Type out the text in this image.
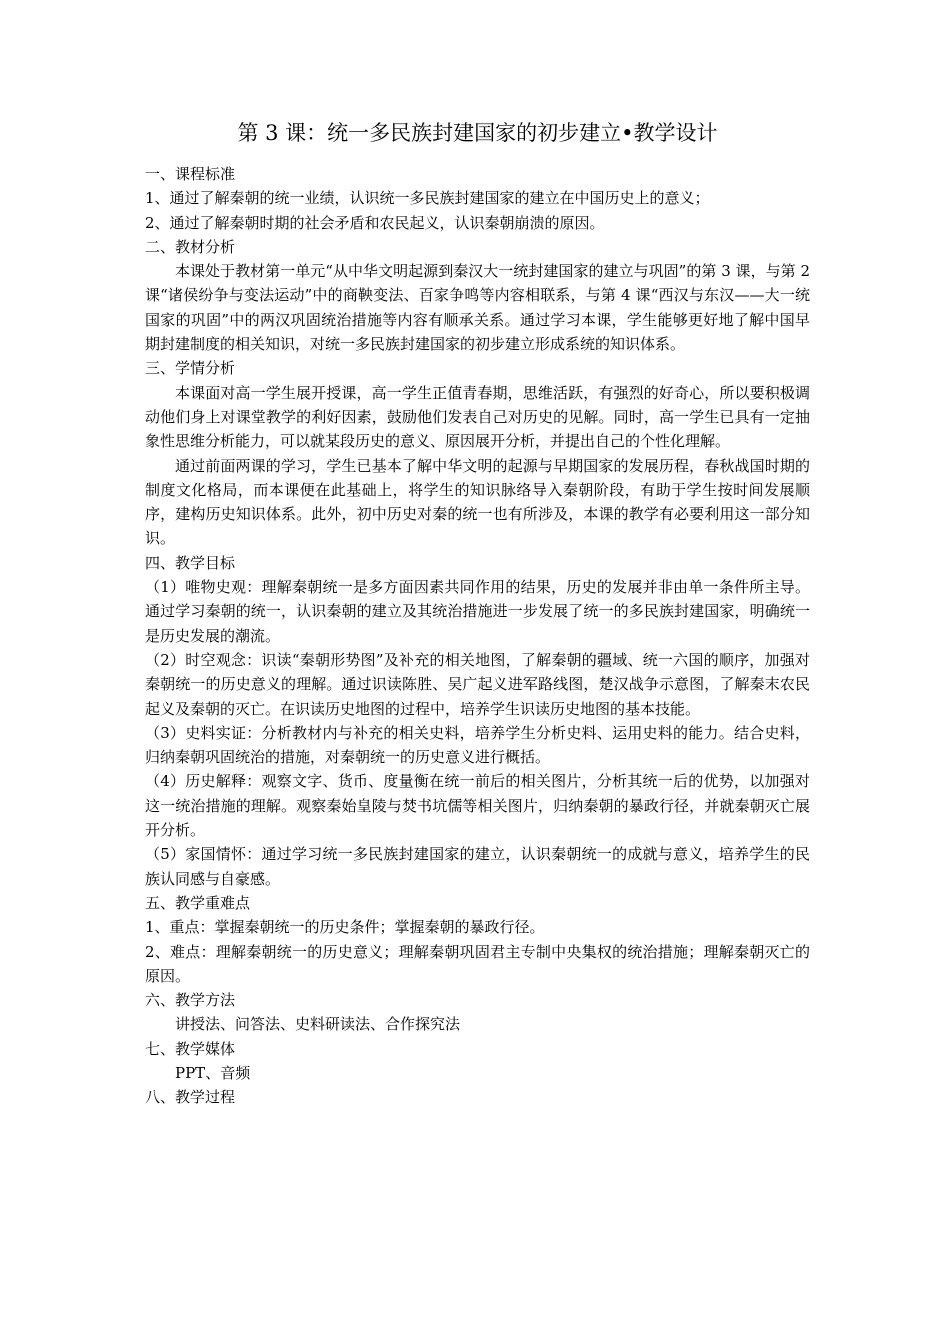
第 3 课：统一多民族封建国家的初步建立•教学设计

一、课程标准

1、通过了解秦朝的统一业绩，认识统一多民族封建国家的建立在中国历史上的意义；

2、通过了解秦朝时期的社会矛盾和农民起义，认识秦朝崩溃的原因。

二、教材分析

本课处于教材第一单元“从中华文明起源到秦汉大一统封建国家的建立与巩固”的第 3 课，与第 2 课“诸侯纷争与变法运动”中的商鞅变法、百家争鸣等内容相联系，与第 4 课“西汉与东汉——大一统国家的巩固”中的两汉巩固统治措施等内容有顺承关系。通过学习本课，学生能够更好地了解中国早期封建制度的相关知识，对统一多民族封建国家的初步建立形成系统的知识体系。

三、学情分析

本课面对高一学生展开授课，高一学生正值青春期，思维活跃，有强烈的好奇心，所以要积极调动他们身上对课堂教学的利好因素，鼓励他们发表自己对历史的见解。同时，高一学生已具有一定抽象性思维分析能力，可以就某段历史的意义、原因展开分析，并提出自己的个性化理解。

通过前面两课的学习，学生已基本了解中华文明的起源与早期国家的发展历程，春秋战国时期的制度文化格局，而本课便在此基础上，将学生的知识脉络导入秦朝阶段，有助于学生按时间发展顺序，建构历史知识体系。此外，初中历史对秦的统一也有所涉及，本课的教学有必要利用这一部分知识。

四、教学目标

（1）唯物史观：理解秦朝统一是多方面因素共同作用的结果，历史的发展并非由单一条件所主导。通过学习秦朝的统一，认识秦朝的建立及其统治措施进一步发展了统一的多民族封建国家，明确统一是历史发展的潮流。

（2）时空观念：识读“秦朝形势图”及补充的相关地图，了解秦朝的疆域、统一六国的顺序，加强对秦朝统一的历史意义的理解。通过识读陈胜、吴广起义进军路线图，楚汉战争示意图，了解秦末农民起义及秦朝的灭亡。在识读历史地图的过程中，培养学生识读历史地图的基本技能。

（3）史料实证：分析教材内与补充的相关史料，培养学生分析史料、运用史料的能力。结合史料，归纳秦朝巩固统治的措施，对秦朝统一的历史意义进行概括。

（4）历史解释：观察文字、货币、度量衡在统一前后的相关图片，分析其统一后的优势，以加强对这一统治措施的理解。观察秦始皇陵与焚书坑儒等相关图片，归纳秦朝的暴政行径，并就秦朝灭亡展开分析。

（5）家国情怀：通过学习统一多民族封建国家的建立，认识秦朝统一的成就与意义，培养学生的民族认同感与自豪感。

五、教学重难点

1、重点：掌握秦朝统一的历史条件；掌握秦朝的暴政行径。

2、难点：理解秦朝统一的历史意义；理解秦朝巩固君主专制中央集权的统治措施；理解秦朝灭亡的原因。

六、教学方法

讲授法、问答法、史料研读法、合作探究法

七、教学媒体

PPT、音频

八、教学过程
